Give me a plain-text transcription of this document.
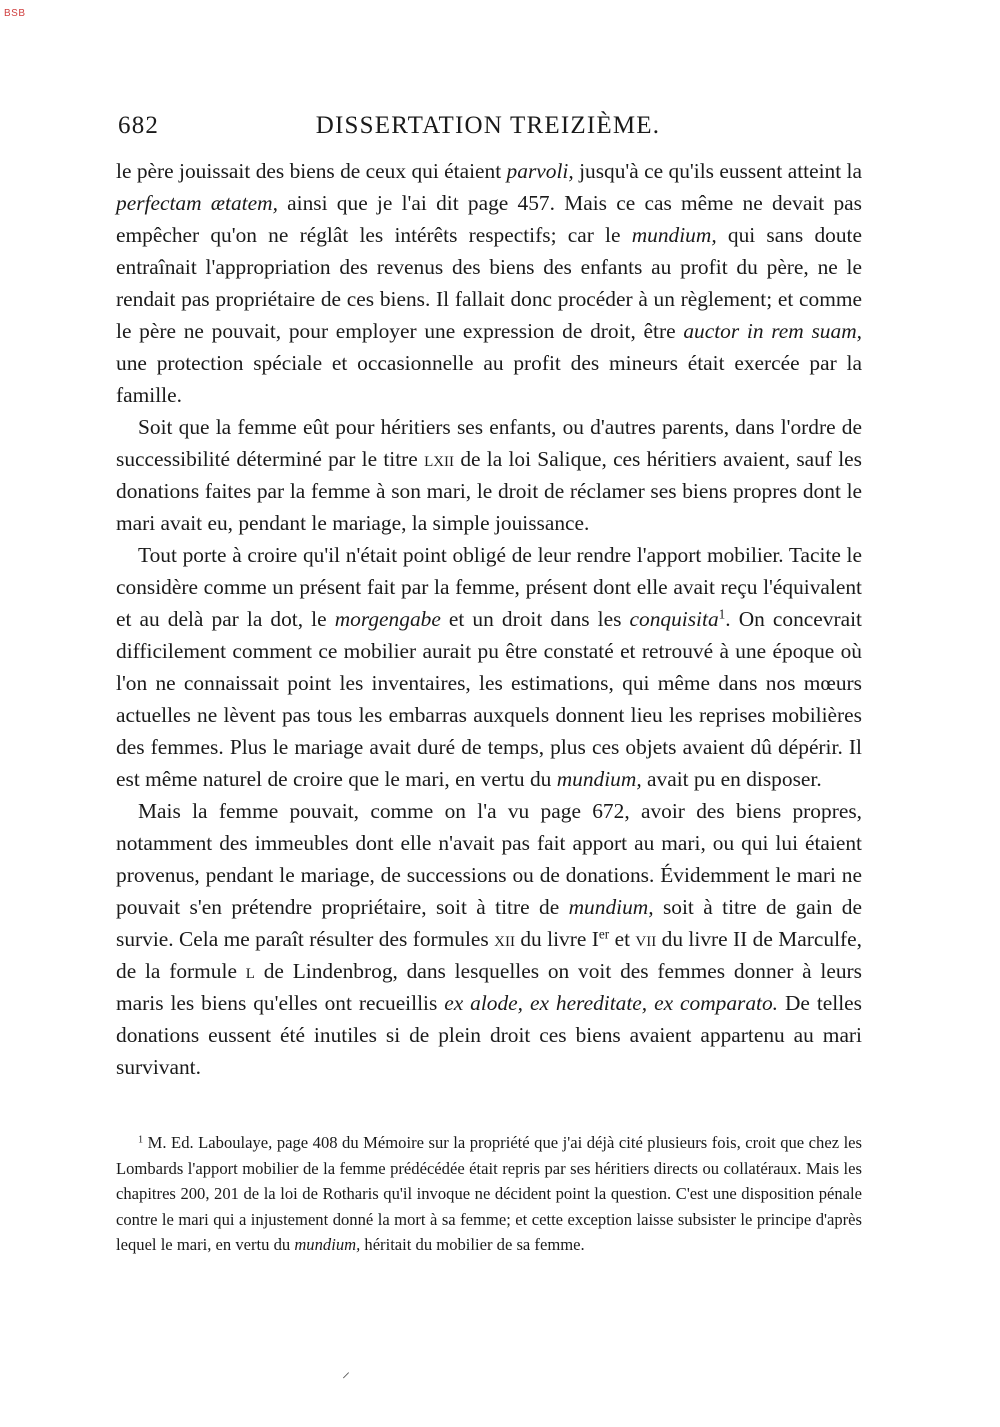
BSB
682	DISSERTATION TREIZIÈME.

le père jouissait des biens de ceux qui étaient parvoli, jusqu'à ce qu'ils eussent atteint la perfectam ætatem, ainsi que je l'ai dit page 457. Mais ce cas même ne devait pas empêcher qu'on ne réglât les intérêts respectifs; car le mundium, qui sans doute entraînait l'appropriation des revenus des biens des enfants au profit du père, ne le rendait pas propriétaire de ces biens. Il fallait donc procéder à un règlement; et comme le père ne pouvait, pour employer une expression de droit, être auctor in rem suam, une protection spéciale et occasionnelle au profit des mineurs était exercée par la famille.

Soit que la femme eût pour héritiers ses enfants, ou d'autres parents, dans l'ordre de successibilité déterminé par le titre lxii de la loi Salique, ces héritiers avaient, sauf les donations faites par la femme à son mari, le droit de réclamer ses biens propres dont le mari avait eu, pendant le mariage, la simple jouissance.

Tout porte à croire qu'il n'était point obligé de leur rendre l'apport mobilier. Tacite le considère comme un présent fait par la femme, présent dont elle avait reçu l'équivalent et au delà par la dot, le morgengabe et un droit dans les conquisita$^1$. On concevrait difficilement comment ce mobilier aurait pu être constaté et retrouvé à une époque où l'on ne connaissait point les inventaires, les estimations, qui même dans nos mœurs actuelles ne lèvent pas tous les embarras auxquels donnent lieu les reprises mobilières des femmes. Plus le mariage avait duré de temps, plus ces objets avaient dû dépérir. Il est même naturel de croire que le mari, en vertu du mundium, avait pu en disposer.

Mais la femme pouvait, comme on l'a vu page 672, avoir des biens propres, notamment des immeubles dont elle n'avait pas fait apport au mari, ou qui lui étaient provenus, pendant le mariage, de successions ou de donations. Évidemment le mari ne pouvait s'en prétendre propriétaire, soit à titre de mundium, soit à titre de gain de survie. Cela me paraît résulter des formules xii du livre Ier et vii du livre II de Marculfe, de la formule l de Lindenbrog, dans lesquelles on voit des femmes donner à leurs maris les biens qu'elles ont recueillis ex alode, ex hereditate, ex comparato. De telles donations eussent été inutiles si de plein droit ces biens avaient appartenu au mari survivant.

$^1$ M. Ed. Laboulaye, page 408 du Mémoire sur la propriété que j'ai déjà cité plusieurs fois, croit que chez les Lombards l'apport mobilier de la femme prédécédée était repris par ses héritiers directs ou collatéraux. Mais les chapitres 200, 201 de la loi de Rotharis qu'il invoque ne décident point la question. C'est une disposition pénale contre le mari qui a injustement donné la mort à sa femme; et cette exception laisse subsister le principe d'après lequel le mari, en vertu du mundium, héritait du mobilier de sa femme.

⸝
